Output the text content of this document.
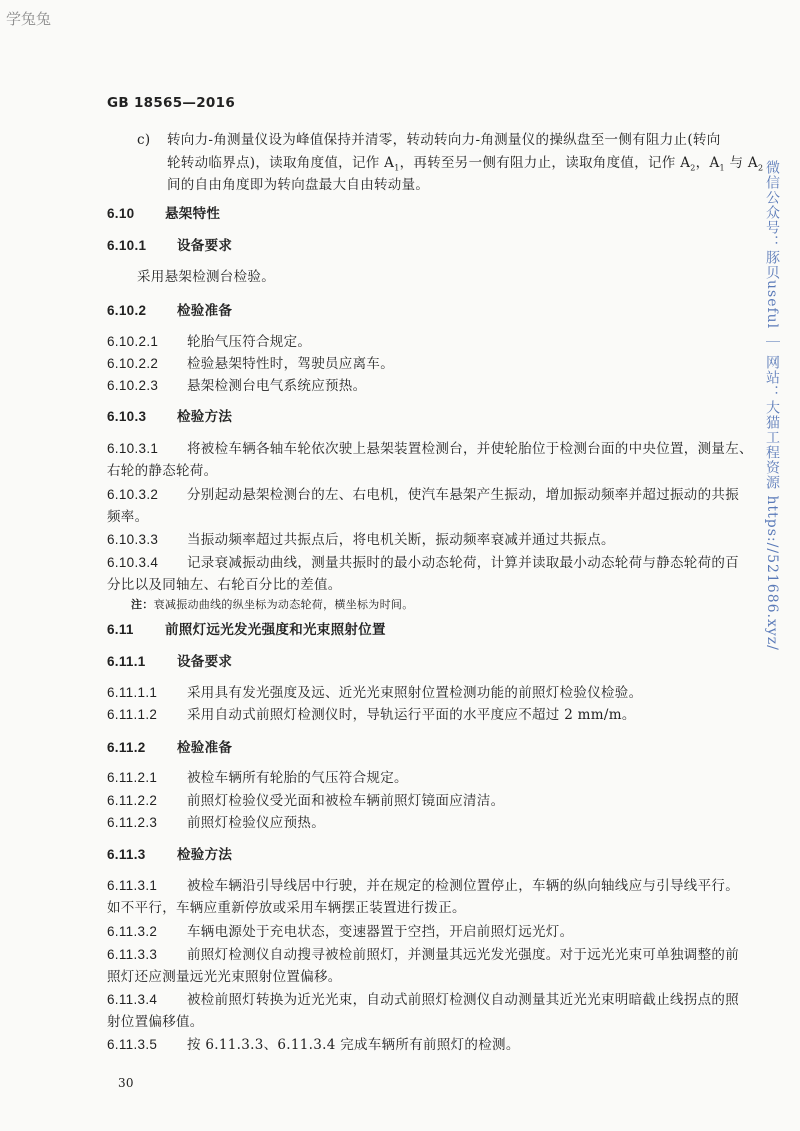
学兔兔
微信公众号：豚贝useful ｜ 网站：大猫工程资源 https://521686.xyz/
GB 18565—2016
c) 转向力-角测量仪设为峰值保持并清零，转动转向力-角测量仪的操纵盘至一侧有阻力止(转向
轮转动临界点)，读取角度值，记作 $A_1$，再转至另一侧有阻力止，读取角度值，记作 $A_2$，$A_1$ 与 $A_2$
间的自由角度即为转向盘最大自由转动量。
6.10 悬架特性
6.10.1 设备要求
采用悬架检测台检验。
6.10.2 检验准备
6.10.2.1 轮胎气压符合规定。
6.10.2.2 检验悬架特性时，驾驶员应离车。
6.10.2.3 悬架检测台电气系统应预热。
6.10.3 检验方法
6.10.3.1 将被检车辆各轴车轮依次驶上悬架装置检测台，并使轮胎位于检测台面的中央位置，测量左、
右轮的静态轮荷。
6.10.3.2 分别起动悬架检测台的左、右电机，使汽车悬架产生振动，增加振动频率并超过振动的共振
频率。
6.10.3.3 当振动频率超过共振点后，将电机关断，振动频率衰减并通过共振点。
6.10.3.4 记录衰减振动曲线，测量共振时的最小动态轮荷，计算并读取最小动态轮荷与静态轮荷的百
分比以及同轴左、右轮百分比的差值。
注：衰减振动曲线的纵坐标为动态轮荷，横坐标为时间。
6.11 前照灯远光发光强度和光束照射位置
6.11.1 设备要求
6.11.1.1 采用具有发光强度及远、近光光束照射位置检测功能的前照灯检验仪检验。
6.11.1.2 采用自动式前照灯检测仪时，导轨运行平面的水平度应不超过 2 mm/m。
6.11.2 检验准备
6.11.2.1 被检车辆所有轮胎的气压符合规定。
6.11.2.2 前照灯检验仪受光面和被检车辆前照灯镜面应清洁。
6.11.2.3 前照灯检验仪应预热。
6.11.3 检验方法
6.11.3.1 被检车辆沿引导线居中行驶，并在规定的检测位置停止，车辆的纵向轴线应与引导线平行。
如不平行，车辆应重新停放或采用车辆摆正装置进行拨正。
6.11.3.2 车辆电源处于充电状态，变速器置于空挡，开启前照灯远光灯。
6.11.3.3 前照灯检测仪自动搜寻被检前照灯，并测量其远光发光强度。对于远光光束可单独调整的前
照灯还应测量远光光束照射位置偏移。
6.11.3.4 被检前照灯转换为近光光束，自动式前照灯检测仪自动测量其近光光束明暗截止线拐点的照
射位置偏移值。
6.11.3.5 按 6.11.3.3、6.11.3.4 完成车辆所有前照灯的检测。
30
